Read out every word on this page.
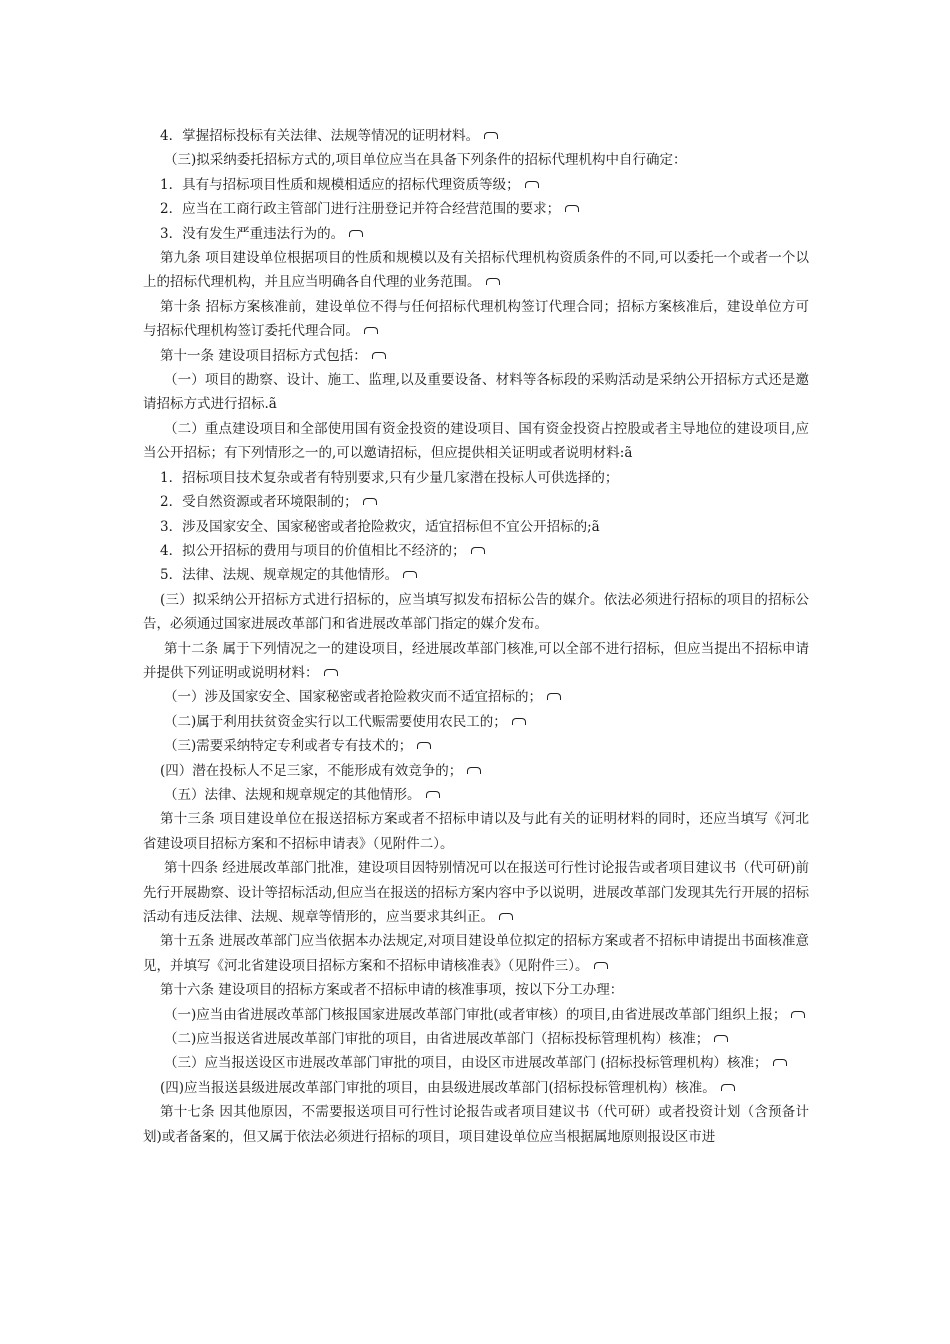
4．掌握招标投标有关法律、法规等情况的证明材料。

（三)拟采纳委托招标方式的,项目单位应当在具备下列条件的招标代理机构中自行确定：

1．具有与招标项目性质和规模相适应的招标代理资质等级；

2．应当在工商行政主管部门进行注册登记并符合经营范围的要求；

3．没有发生严重违法行为的。

第九条 项目建设单位根据项目的性质和规模以及有关招标代理机构资质条件的不同,可以委托一个或者一个以上的招标代理机构，并且应当明确各自代理的业务范围。

第十条 招标方案核准前，建设单位不得与任何招标代理机构签订代理合同；招标方案核准后，建设单位方可与招标代理机构签订委托代理合同。

第十一条 建设项目招标方式包括：

（一）项目的勘察、设计、施工、监理,以及重要设备、材料等各标段的采购活动是采纳公开招标方式还是邀请招标方式进行招标.ã

（二）重点建设项目和全部使用国有资金投资的建设项目、国有资金投资占控股或者主导地位的建设项目,应当公开招标；有下列情形之一的,可以邀请招标，但应提供相关证明或者说明材料:ã

1．招标项目技术复杂或者有特别要求,只有少量几家潜在投标人可供选择的；

2．受自然资源或者环境限制的；

3．涉及国家安全、国家秘密或者抢险救灾，适宜招标但不宜公开招标的;ã

4．拟公开招标的费用与项目的价值相比不经济的；

5．法律、法规、规章规定的其他情形。

(三）拟采纳公开招标方式进行招标的，应当填写拟发布招标公告的媒介。依法必须进行招标的项目的招标公告，必须通过国家进展改革部门和省进展改革部门指定的媒介发布。

第十二条 属于下列情况之一的建设项目，经进展改革部门核准,可以全部不进行招标，但应当提出不招标申请并提供下列证明或说明材料：

（一）涉及国家安全、国家秘密或者抢险救灾而不适宜招标的；

（二)属于利用扶贫资金实行以工代赈需要使用农民工的；

（三)需要采纳特定专利或者专有技术的；

(四）潜在投标人不足三家，不能形成有效竞争的；

（五）法律、法规和规章规定的其他情形。

第十三条 项目建设单位在报送招标方案或者不招标申请以及与此有关的证明材料的同时，还应当填写《河北省建设项目招标方案和不招标申请表》（见附件二）。

第十四条 经进展改革部门批准，建设项目因特别情况可以在报送可行性讨论报告或者项目建议书（代可研)前先行开展勘察、设计等招标活动,但应当在报送的招标方案内容中予以说明，进展改革部门发现其先行开展的招标活动有违反法律、法规、规章等情形的，应当要求其纠正。

第十五条 进展改革部门应当依据本办法规定,对项目建设单位拟定的招标方案或者不招标申请提出书面核准意见，并填写《河北省建设项目招标方案和不招标申请核准表》（见附件三）。

第十六条 建设项目的招标方案或者不招标申请的核准事项，按以下分工办理：

（一)应当由省进展改革部门核报国家进展改革部门审批(或者审核）的项目,由省进展改革部门组织上报；

（二)应当报送省进展改革部门审批的项目，由省进展改革部门（招标投标管理机构）核准；

（三）应当报送设区市进展改革部门审批的项目，由设区市进展改革部门 (招标投标管理机构）核准；

(四)应当报送县级进展改革部门审批的项目，由县级进展改革部门(招标投标管理机构）核准。

第十七条 因其他原因，不需要报送项目可行性讨论报告或者项目建议书（代可研）或者投资计划（含预备计划)或者备案的，但又属于依法必须进行招标的项目，项目建设单位应当根据属地原则报设区市进
